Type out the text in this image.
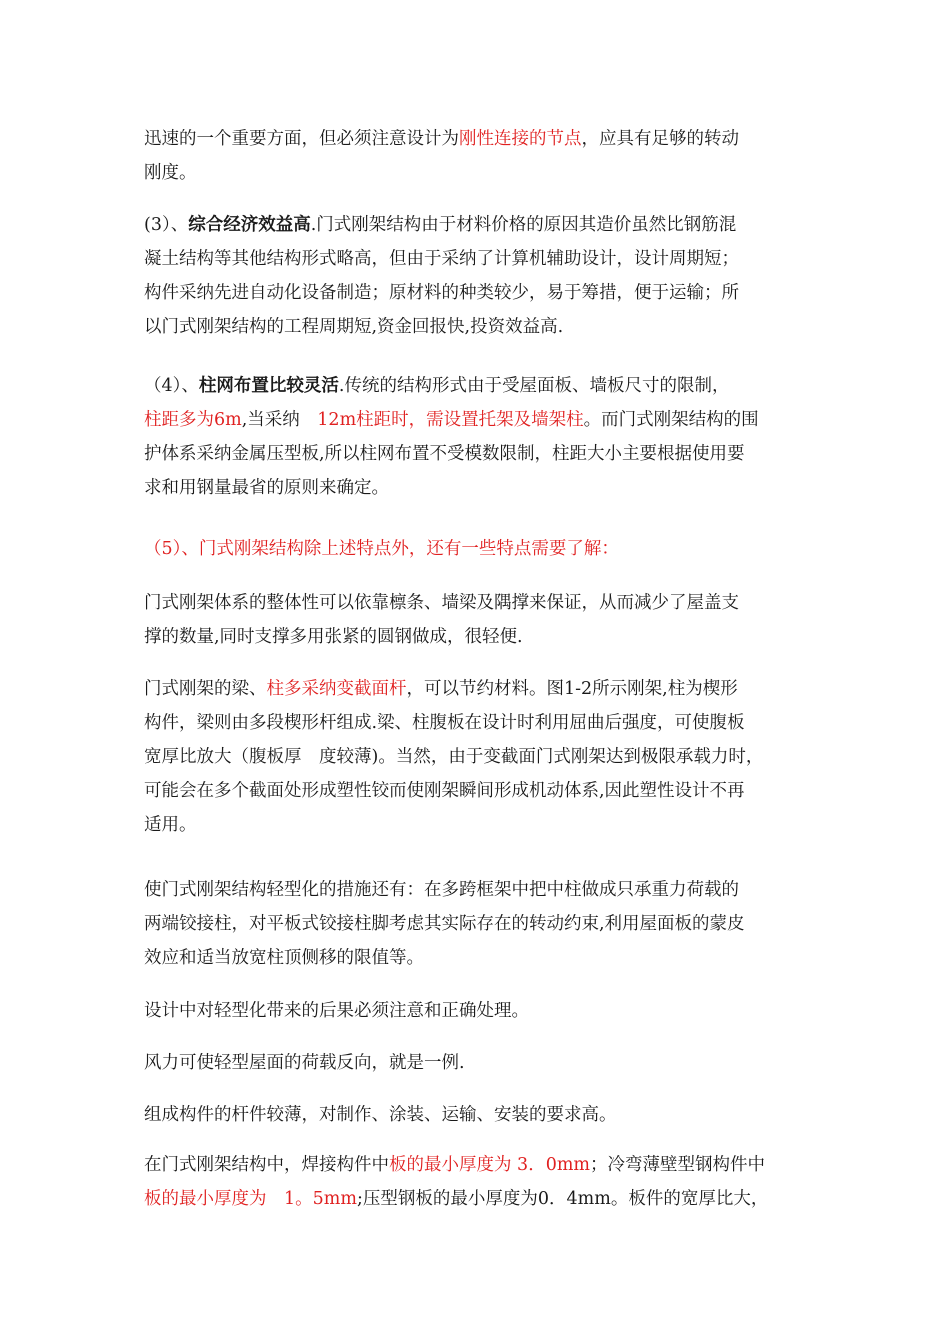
迅速的一个重要方面，但必须注意设计为刚性连接的节点，应具有足够的转动
刚度。
(3）、综合经济效益高.门式刚架结构由于材料价格的原因其造价虽然比钢筋混
凝土结构等其他结构形式略高，但由于采纳了计算机辅助设计，设计周期短；
构件采纳先进自动化设备制造；原材料的种类较少，易于筹措，便于运输；所
以门式刚架结构的工程周期短,资金回报快,投资效益高.
（4）、柱网布置比较灵活.传统的结构形式由于受屋面板、墙板尺寸的限制，
柱距多为6m,当采纳　12m柱距时，需设置托架及墙架柱。而门式刚架结构的围
护体系采纳金属压型板,所以柱网布置不受模数限制，柱距大小主要根据使用要
求和用钢量最省的原则来确定。
（5）、门式刚架结构除上述特点外，还有一些特点需要了解：
门式刚架体系的整体性可以依靠檩条、墙梁及隅撑来保证，从而减少了屋盖支
撑的数量,同时支撑多用张紧的圆钢做成，很轻便.
门式刚架的梁、柱多采纳变截面杆，可以节约材料。图1-2所示刚架,柱为楔形
构件，梁则由多段楔形杆组成.梁、柱腹板在设计时利用屈曲后强度，可使腹板
宽厚比放大（腹板厚　度较薄)。当然，由于变截面门式刚架达到极限承载力时，
可能会在多个截面处形成塑性铰而使刚架瞬间形成机动体系,因此塑性设计不再
适用。
使门式刚架结构轻型化的措施还有：在多跨框架中把中柱做成只承重力荷载的
两端铰接柱，对平板式铰接柱脚考虑其实际存在的转动约束,利用屋面板的蒙皮
效应和适当放宽柱顶侧移的限值等。
设计中对轻型化带来的后果必须注意和正确处理。
风力可使轻型屋面的荷载反向，就是一例.
组成构件的杆件较薄，对制作、涂装、运输、安装的要求高。
在门式刚架结构中，焊接构件中板的最小厚度为 3．0mm；冷弯薄壁型钢构件中
板的最小厚度为　1。5mm;压型钢板的最小厚度为0．4mm。板件的宽厚比大，
